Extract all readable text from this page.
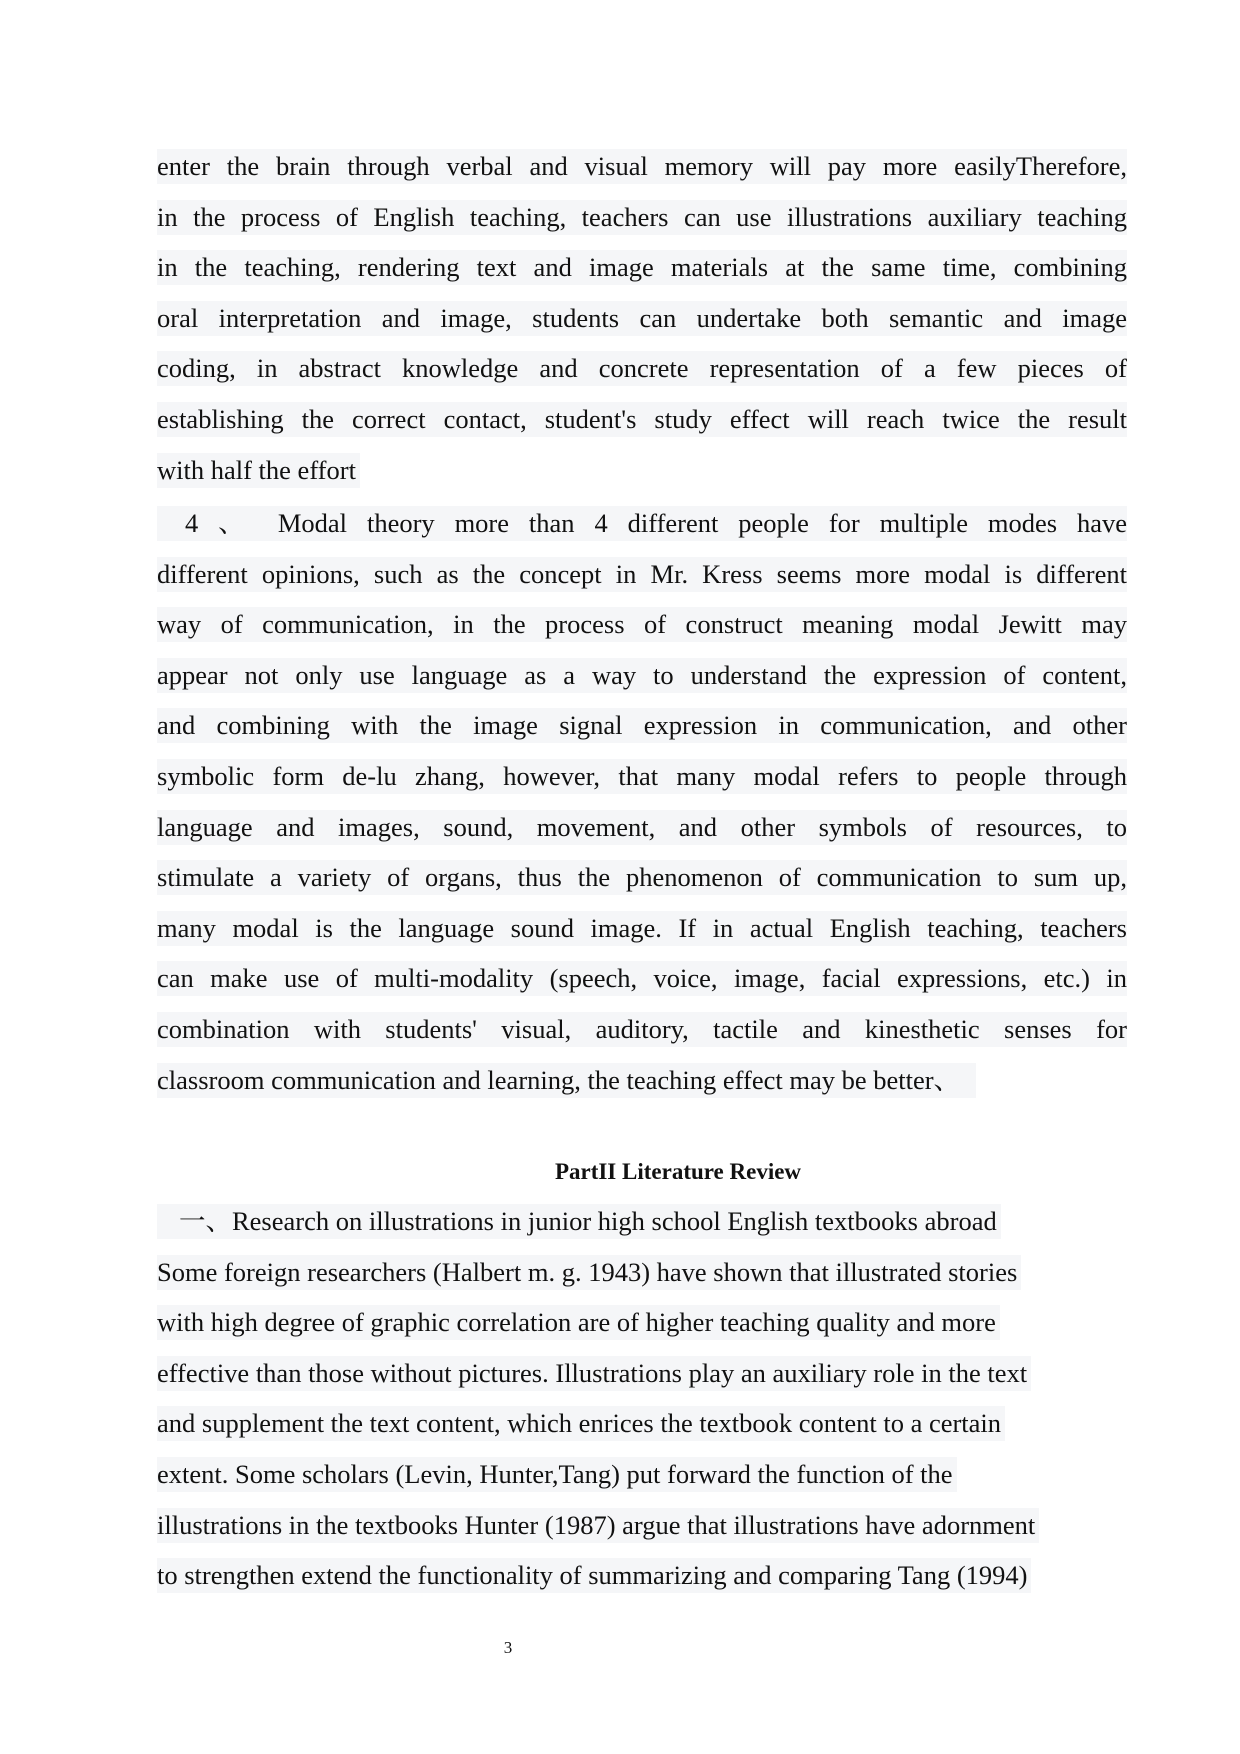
enter the brain through verbal and visual memory will pay more easilyTherefore,
in the process of English teaching, teachers can use illustrations auxiliary teaching
in the teaching, rendering text and image materials at the same time, combining
oral interpretation and image, students can undertake both semantic and image
coding, in abstract knowledge and concrete representation of a few pieces of
establishing the correct contact, student's study effect will reach twice the result
with half the effort
4 、 Modal theory more than 4 different people for multiple modes have
different opinions, such as the concept in Mr. Kress seems more modal is different
way of communication, in the process of construct meaning modal Jewitt may
appear not only use language as a way to understand the expression of content,
and combining with the image signal expression in communication, and other
symbolic form de-lu zhang, however, that many modal refers to people through
language and images, sound, movement, and other symbols of resources, to
stimulate a variety of organs, thus the phenomenon of communication to sum up,
many modal is the language sound image. If in actual English teaching, teachers
can make use of multi-modality (speech, voice, image, facial expressions, etc.) in
combination with students' visual, auditory, tactile and kinesthetic senses for
classroom communication and learning, the teaching effect may be better、
PartII Literature Review
一、Research on illustrations in junior high school English textbooks abroad
Some foreign researchers (Halbert m. g. 1943) have shown that illustrated stories
with high degree of graphic correlation are of higher teaching quality and more
effective than those without pictures. Illustrations play an auxiliary role in the text
and supplement the text content, which enrices the textbook content to a certain
extent. Some scholars (Levin, Hunter,Tang) put forward the function of the
illustrations in the textbooks Hunter (1987) argue that illustrations have adornment
to strengthen extend the functionality of summarizing and comparing Tang (1994)
3
